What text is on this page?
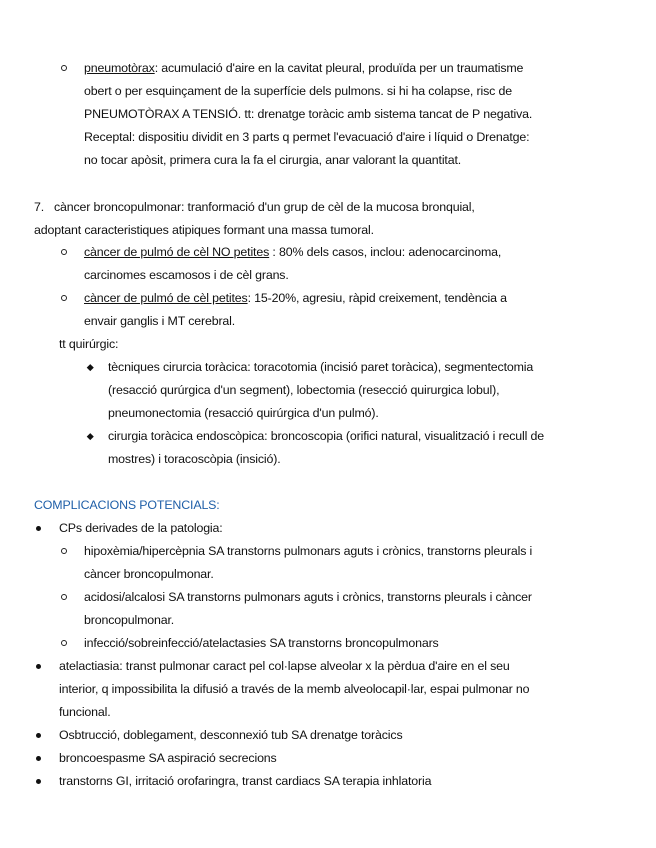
pneumotòrax: acumulació d'aire en la cavitat pleural, produïda per un traumatisme
obert o per esquinçament de la superfície dels pulmons. si hi ha colapse, risc de
PNEUMOTÒRAX A TENSIÓ. tt: drenatge toràcic amb sistema tancat de P negativa.
Receptal: dispositiu dividit en 3 parts q permet l'evacuació d'aire i líquid o Drenatge:
no tocar apòsit, primera cura la fa el cirurgia, anar valorant la quantitat.
7. càncer broncopulmonar: tranformació d'un grup de cèl de la mucosa bronquial,
adoptant caracteristiques atipiques formant una massa tumoral.
càncer de pulmó de cèl NO petites : 80% dels casos, inclou: adenocarcinoma,
carcinomes escamosos i de cèl grans.
càncer de pulmó de cèl petites: 15-20%, agresiu, ràpid creixement, tendència a
envair ganglis i MT cerebral.
tt quirúrgic:
tècniques cirurcia toràcica: toracotomia (incisió paret toràcica), segmentectomia
(resacció qurúrgica d'un segment), lobectomia (resecció quirurgica lobul),
pneumonectomia (resacció quirúrgica d'un pulmó).
cirurgia toràcica endoscòpica: broncoscopia (orifici natural, visualització i recull de
mostres) i toracoscòpia (insició).
COMPLICACIONS POTENCIALS:
CPs derivades de la patologia:
hipoxèmia/hipercèpnia SA transtorns pulmonars aguts i crònics, transtorns pleurals i
càncer broncopulmonar.
acidosi/alcalosi SA transtorns pulmonars aguts i crònics, transtorns pleurals i càncer
broncopulmonar.
infecció/sobreinfecció/atelactasies SA transtorns broncopulmonars
atelactiasia: transt pulmonar caract pel col·lapse alveolar x la pèrdua d'aire en el seu
interior, q impossibilita la difusió a través de la memb alveolocapil·lar, espai pulmonar no
funcional.
Osbtrucció, doblegament, desconnexió tub SA drenatge toràcics
broncoespasme SA aspiració secrecions
transtorns GI, irritació orofaringra, transt cardiacs SA terapia inhlatoria
